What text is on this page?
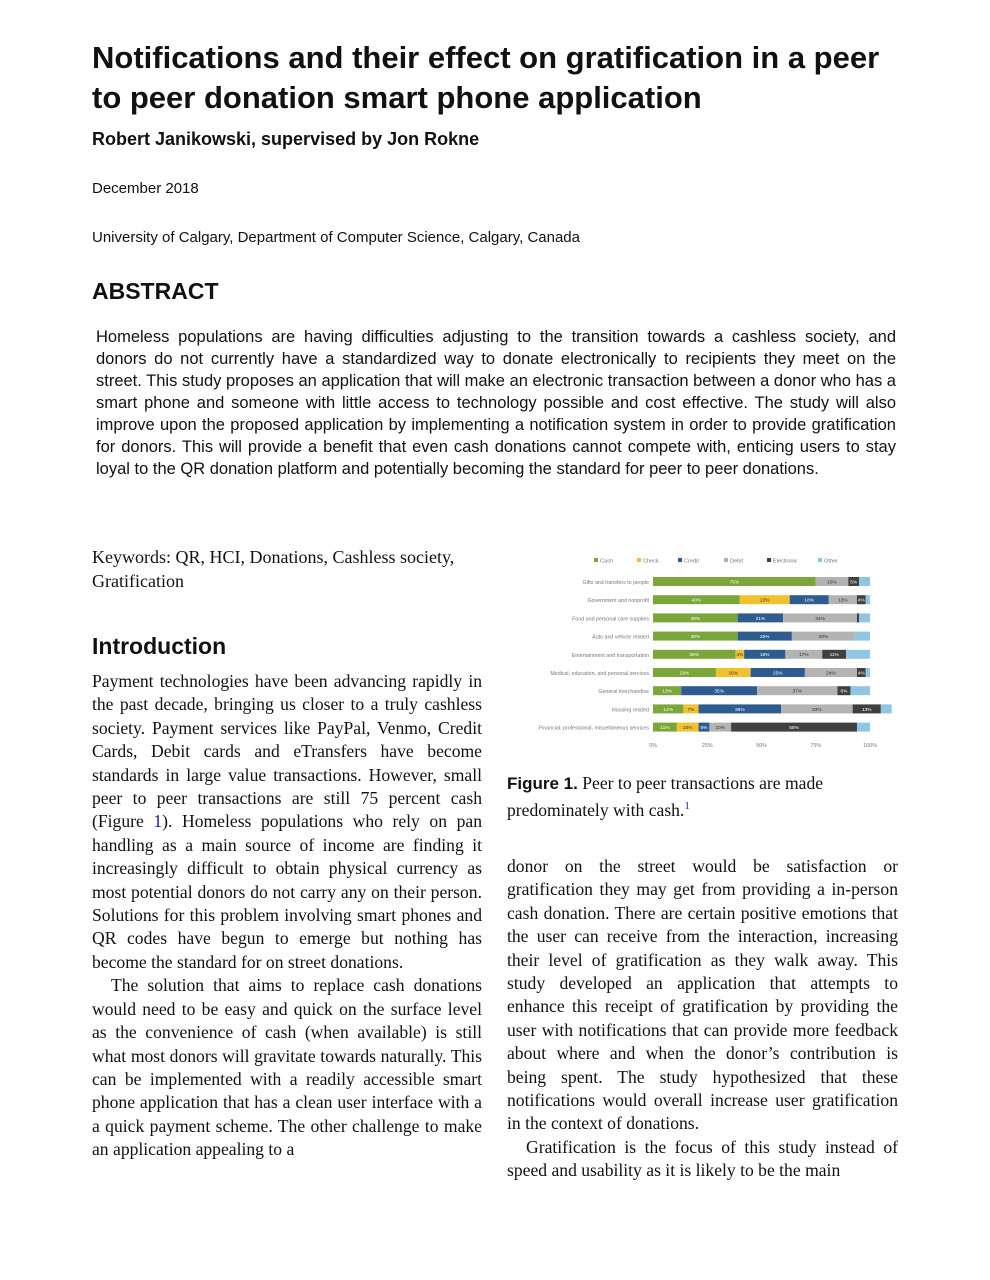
Notifications and their effect on gratification in a peer to peer donation smart phone application
Robert Janikowski, supervised by Jon Rokne
December 2018
University of Calgary, Department of Computer Science, Calgary, Canada
ABSTRACT
Homeless populations are having difficulties adjusting to the transition towards a cashless society, and donors do not currently have a standardized way to donate electronically to recipients they meet on the street. This study proposes an application that will make an electronic transaction between a donor who has a smart phone and someone with little access to technology possible and cost effective. The study will also improve upon the proposed application by implementing a notification system in order to provide gratification for donors. This will provide a benefit that even cash donations cannot compete with, enticing users to stay loyal to the QR donation platform and potentially becoming the standard for peer to peer donations.

Keywords: QR, HCI, Donations, Cashless society, Gratification

Introduction

Payment technologies have been advancing rapidly in the past decade, bringing us closer to a truly cashless society. Payment services like PayPal, Venmo, Credit Cards, Debit cards and eTransfers have become standards in large value transactions. However, small peer to peer transactions are still 75 percent cash (Figure 1). Homeless populations who rely on pan handling as a main source of income are finding it increasingly difficult to obtain physical currency as most potential donors do not carry any on their person. Solutions for this problem involving smart phones and QR codes have begun to emerge but nothing has become the standard for on street donations.

The solution that aims to replace cash donations would need to be easy and quick on the surface level as the convenience of cash (when available) is still what most donors will gravitate towards naturally. This can be implemented with a readily accessible smart phone application that has a clean user interface with a a quick payment scheme. The other challenge to make an application appealing to a

Cash	Check	Credit	Debit	Electronic	Other
Gifts and transfers to people	75%	15%	5%
Government and nonprofit	40%	23%	18%	13% 4%
Food and personal care supplies	39%	21%	34%
Auto and vehicle related	39%	25%	29%
Entertainment and transportation	38%	4%	19%	17%	11%
Medical, education, and personal services	29%	16%	25%	24%	4%
General merchandise	13%	35%	37%	6%
Housing related	14%	7%	38%	33%	13%
Financial, professional, miscellaneous services 11%	10% 5% 10%	58%
0%	25%	50%	75%	100%
Figure 1. Peer to peer transactions are made predominately with cash.$^1$

donor on the street would be satisfaction or gratification they may get from providing a in-person cash donation. There are certain positive emotions that the user can receive from the interaction, increasing their level of gratification as they walk away. This study developed an application that attempts to enhance this receipt of gratification by providing the user with notifications that can provide more feedback about where and when the donor’s contribution is being spent. The study hypothesized that these notifications would overall increase user gratification in the context of donations.

Gratification is the focus of this study instead of speed and usability as it is likely to be the main
